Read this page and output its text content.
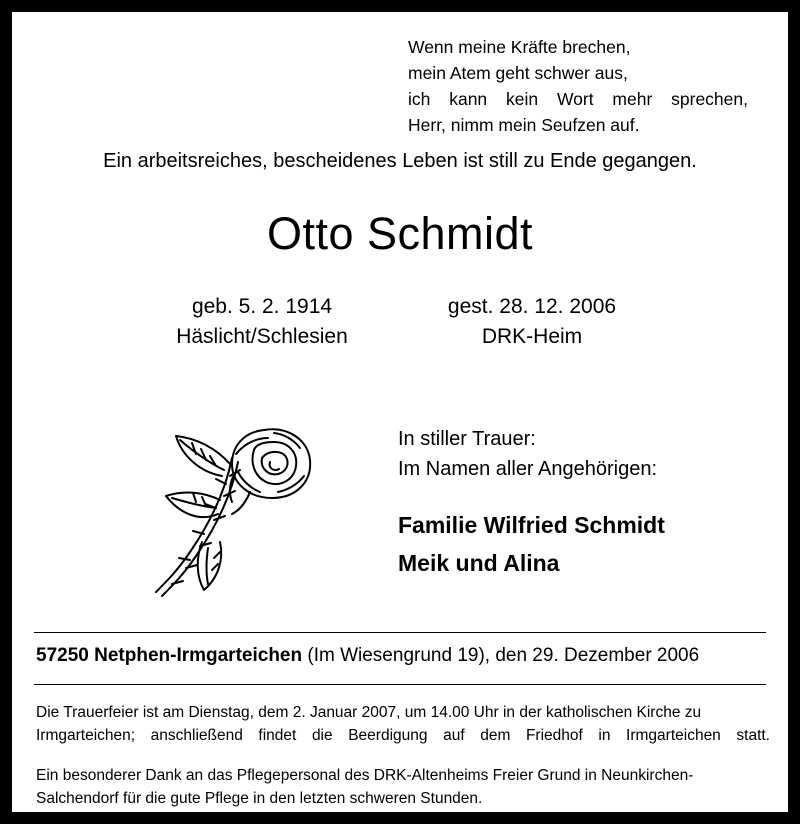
Wenn meine Kräfte brechen,
mein Atem geht schwer aus,
ich kann kein Wort mehr sprechen,
Herr, nimm mein Seufzen auf.
Ein arbeitsreiches, bescheidenes Leben ist still zu Ende gegangen.
Otto Schmidt
geb. 5. 2. 1914
Häslicht/Schlesien
gest. 28. 12. 2006
DRK-Heim
In stiller Trauer:
Im Namen aller Angehörigen:
Familie Wilfried Schmidt
Meik und Alina
57250 Netphen-Irmgarteichen (Im Wiesengrund 19), den 29. Dezember 2006
Die Trauerfeier ist am Dienstag, dem 2. Januar 2007, um 14.00 Uhr in der katholischen Kirche zu
Irmgarteichen; anschließend findet die Beerdigung auf dem Friedhof in Irmgarteichen statt.
Ein besonderer Dank an das Pflegepersonal des DRK-Altenheims Freier Grund in Neunkirchen-
Salchendorf für die gute Pflege in den letzten schweren Stunden.
